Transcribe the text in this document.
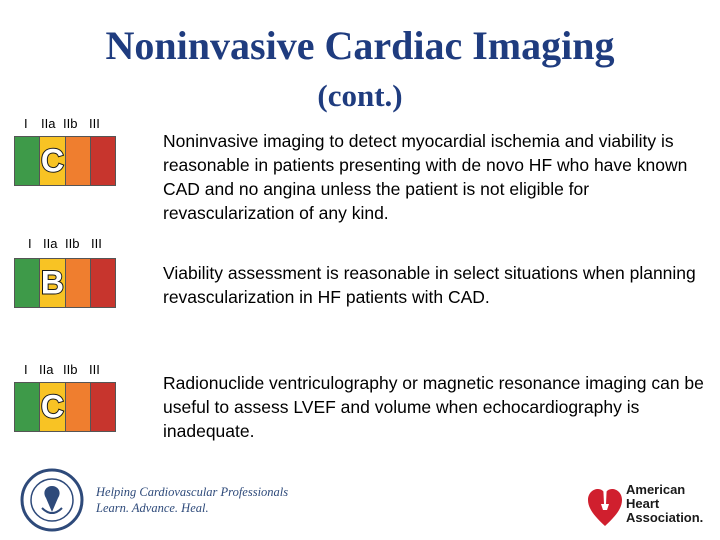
Noninvasive Cardiac Imaging
(cont.)
I IIa IIb III
C
Noninvasive imaging to detect myocardial ischemia and viability is reasonable in patients presenting with de novo HF who have known CAD and no angina unless the patient is not eligible for revascularization of any kind.
I IIa IIb III
B	Viability assessment is reasonable in select situations when planning revascularization in HF patients with CAD.
I IIa IIb III
C
Radionuclide ventriculography or magnetic resonance imaging can be useful to assess LVEF and volume when echocardiography is inadequate.
Helping Cardiovascular Professionals
Learn. Advance. Heal.
American
Heart
Association.
